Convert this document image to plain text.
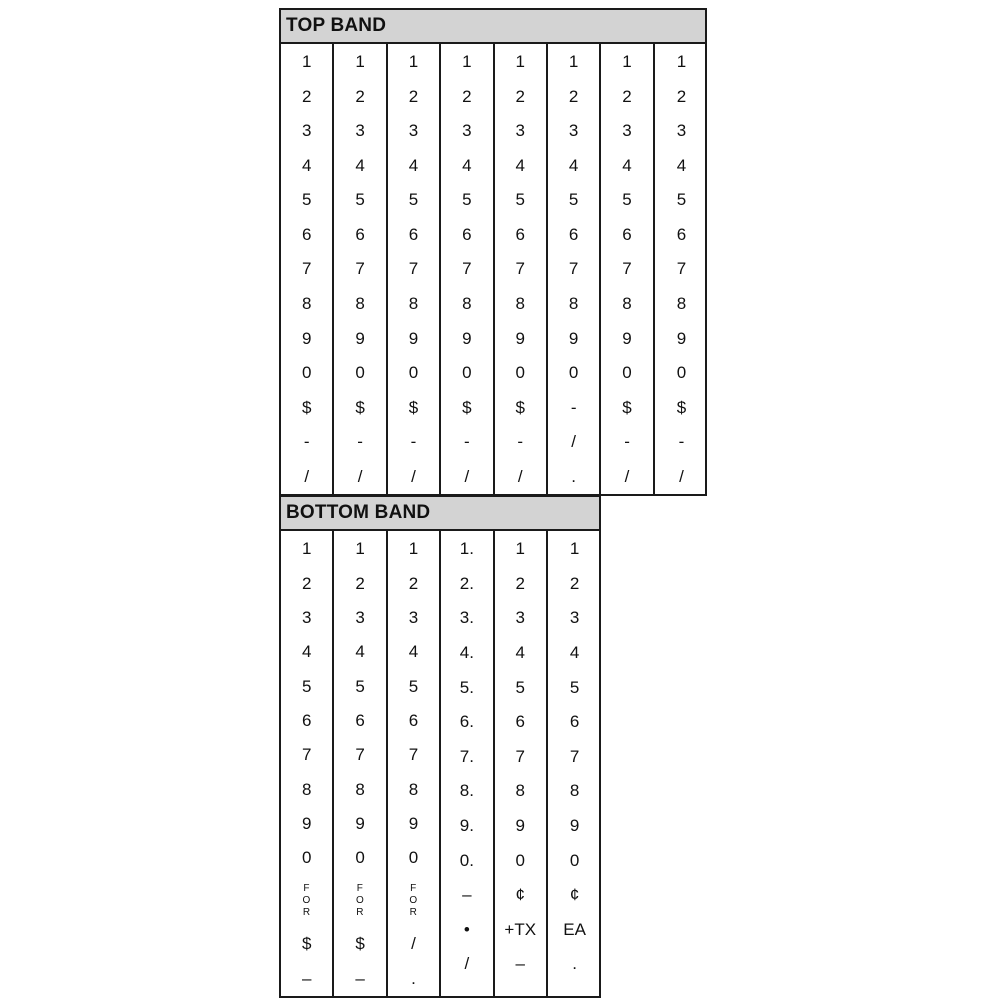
TOP BAND
1
2
3
4
5
6
7
8
9
0
$
-
/
1
2
3
4
5
6
7
8
9
0
$
-
/
1
2
3
4
5
6
7
8
9
0
$
-
/
1
2
3
4
5
6
7
8
9
0
$
-
/
1
2
3
4
5
6
7
8
9
0
$
-
/
1
2
3
4
5
6
7
8
9
0
-
/
.
1
2
3
4
5
6
7
8
9
0
$
-
/
1
2
3
4
5
6
7
8
9
0
$
-
/
BOTTOM BAND
1
2
3
4
5
6
7
8
9
0
F
O
R
$
–
1
2
3
4
5
6
7
8
9
0
F
O
R
$
–
1
2
3
4
5
6
7
8
9
0
F
O
R
/
.
1.
2.
3.
4.
5.
6.
7.
8.
9.
0.
–
•
/
1
2
3
4
5
6
7
8
9
0
¢
+TX
–
1
2
3
4
5
6
7
8
9
0
¢
EA
.
